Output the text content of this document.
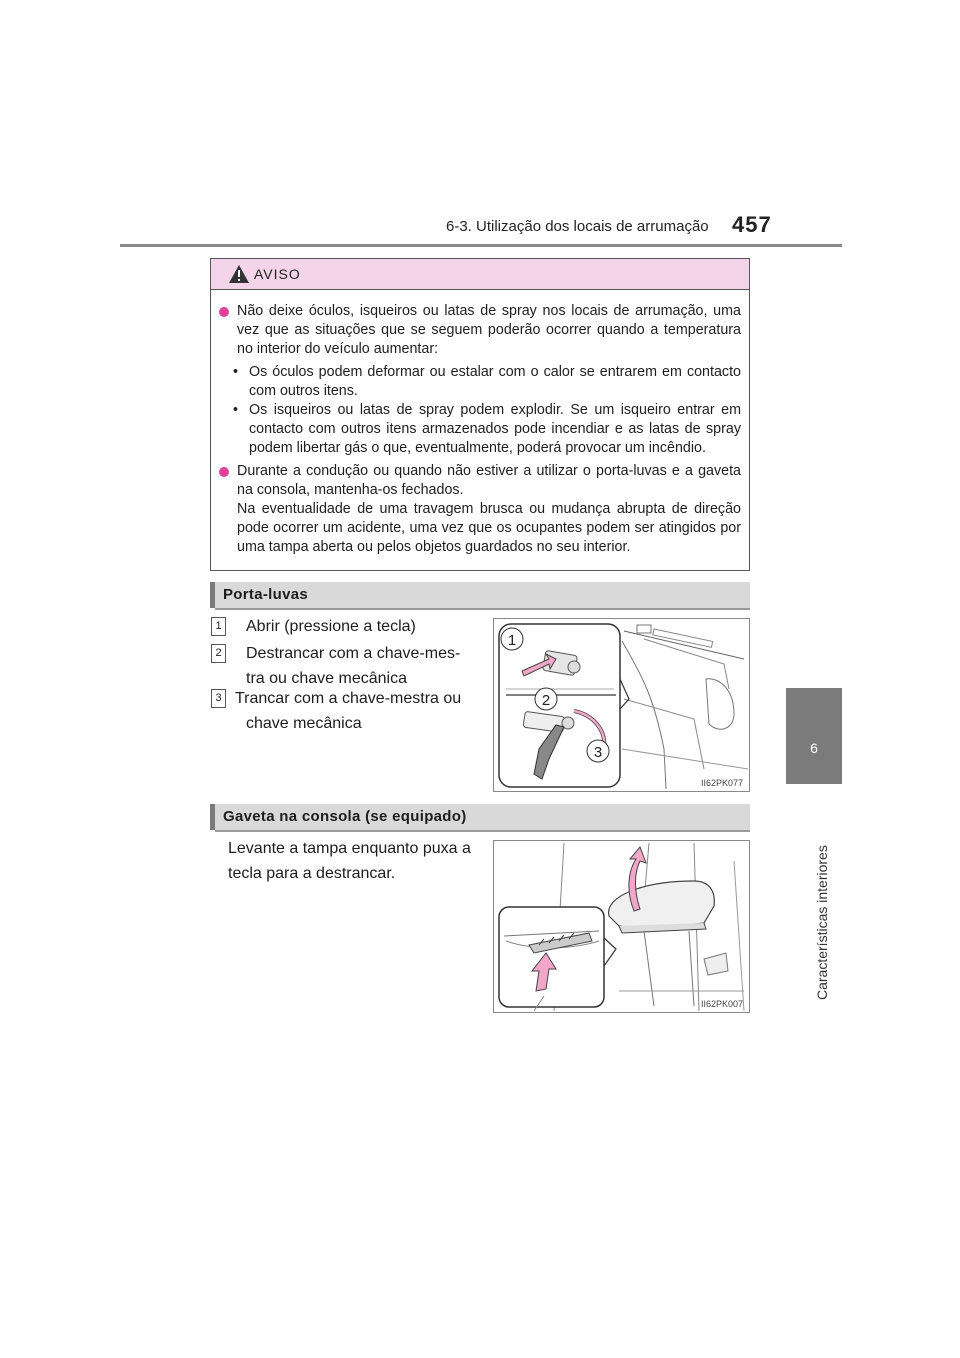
6-3. Utilização dos locais de arrumação 457
6
Características interiores
AVISO
Não deixe óculos, isqueiros ou latas de spray nos locais de arrumação, uma vez que as situações que se seguem poderão ocorrer quando a temperatura no interior do veículo aumentar:
• Os óculos podem deformar ou estalar com o calor se entrarem em contacto com outros itens.
• Os isqueiros ou latas de spray podem explodir. Se um isqueiro entrar em contacto com outros itens armazenados pode incendiar e as latas de spray podem libertar gás o que, eventualmente, poderá provocar um incêndio.
Durante a condução ou quando não estiver a utilizar o porta-luvas e a gaveta na consola, mantenha-os fechados.
Na eventualidade de uma travagem brusca ou mudança abrupta de direção pode ocorrer um acidente, uma vez que os ocupantes podem ser atingidos por uma tampa aberta ou pelos objetos guardados no seu interior.
Porta-luvas
1	Abrir (pressione a tecla)
2	Destrancar com a chave-mes-
tra ou chave mecânica
3 Trancar com a chave-mestra ou
chave mecânica
1
2
3
II62PK077
Gaveta na consola (se equipado)
Levante a tampa enquanto puxa a tecla para a destrancar.
II62PK007
